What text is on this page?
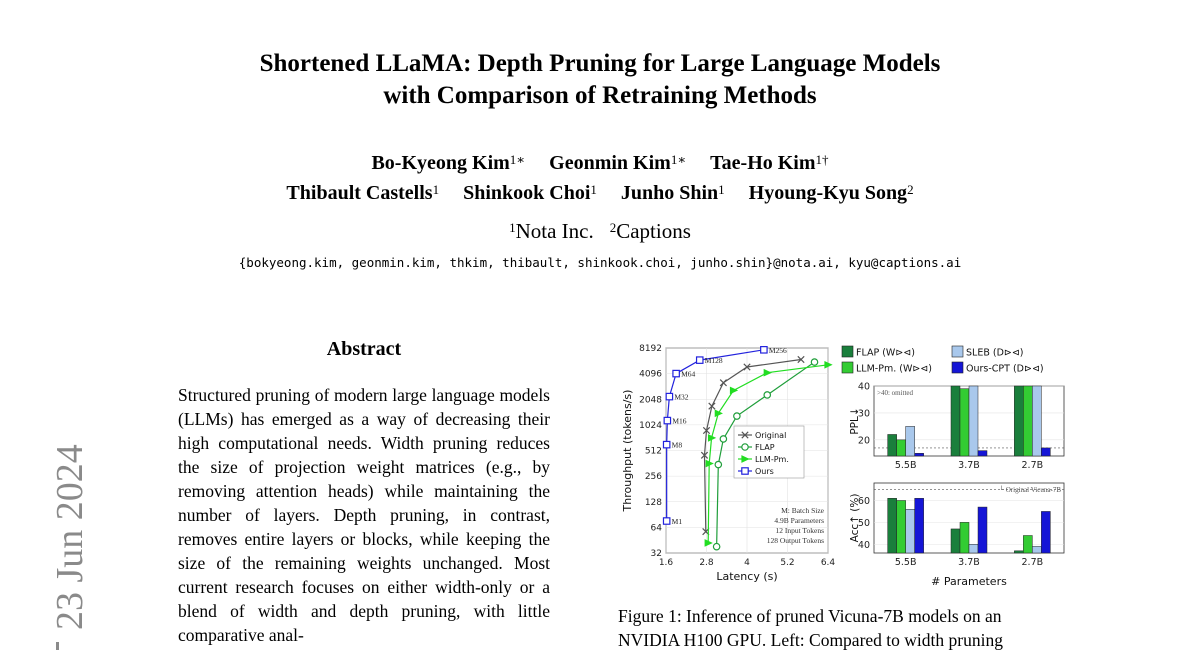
Shortened LLaMA: Depth Pruning for Large Language Models
with Comparison of Retraining Methods
Bo-Kyeong Kim$^{1∗}$ Geonmin Kim$^{1∗}$ Tae-Ho Kim$^{1\dagger}$
Thibault Castells$^1$ Shinkook Choi$^1$ Junho Shin$^1$ Hyoung-Kyu Song$^2$
$^1$Nota Inc. $^2$Captions
{bokyeong.kim, geonmin.kim, thkim, thibault, shinkook.choi, junho.shin}@nota.ai, kyu@captions.ai
23 Jun 2024
Abstract
Structured pruning of modern large language models (LLMs) has emerged as a way of decreasing their high computational needs. Width pruning reduces the size of projection weight matrices (e.g., by removing attention heads) while maintaining the number of layers. Depth pruning, in contrast, removes entire layers or blocks, while keeping the size of the remaining weights unchanged. Most current research focuses on either width-only or a blend of width and depth pruning, with little comparative anal-
32
64
128
256
512
1024
2048
4096
8192
1.6	2.8	4	5.2	6.4
Latency (s)
Throughput (tokens/s)
M1
M8
M16
M32
M64
M128
M256
Original
FLAP
LLM-Pm.
Ours
M: Batch Size
4.9B Parameters
12 Input Tokens
128 Output Tokens
FLAP (W⊳⊲)	SLEB (D⊳⊲)
LLM-Pm. (W⊳⊲)	Ours-CPT (D⊳⊲)
20
30
40
>40: omitted
PPL↓
5.5B	3.7B	2.7B
40
50
60
└ Original Vicuna-7B
Acc↑ (%)
5.5B	3.7B	2.7B
# Parameters
Figure 1: Inference of pruned Vicuna-7B models on an
NVIDIA H100 GPU. Left: Compared to width pruning
